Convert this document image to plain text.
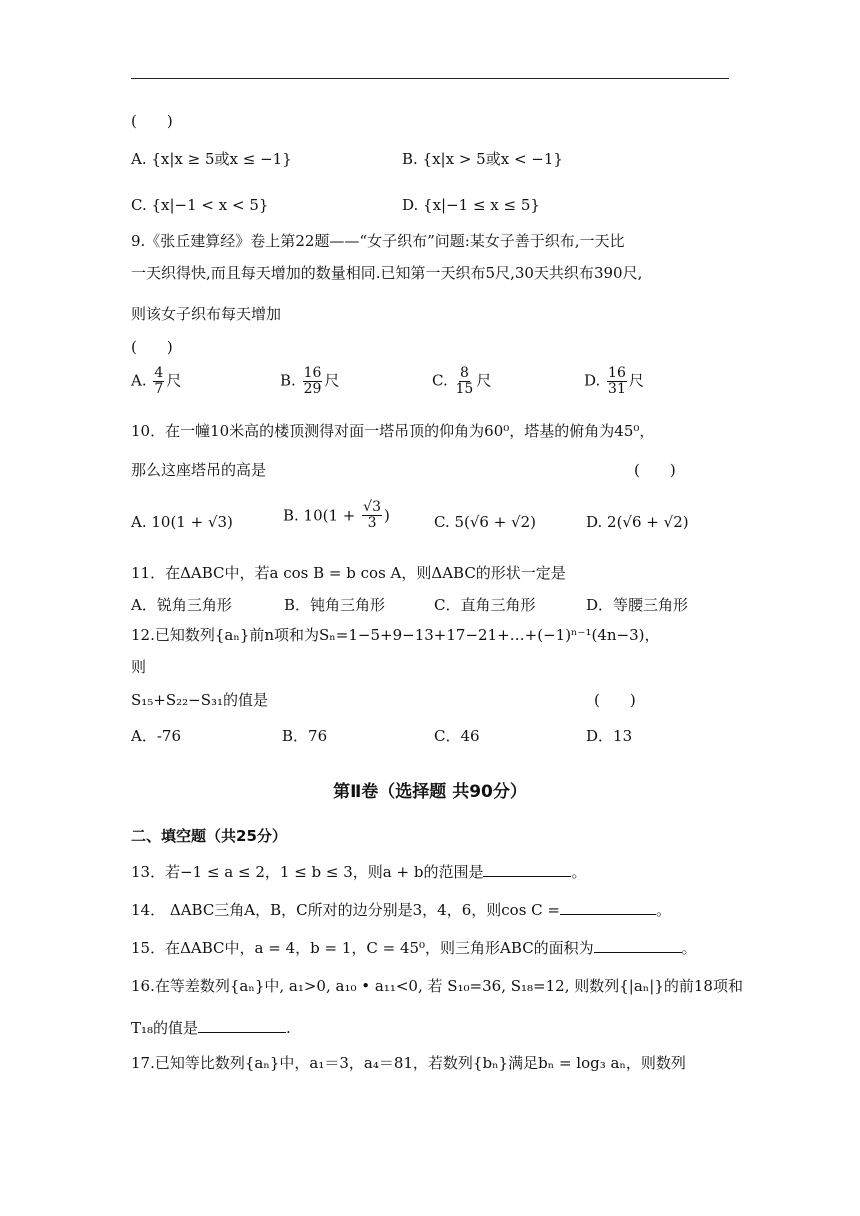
(　　)
A. {x|x ≥ 5或x ≤ −1}	B. {x|x > 5或x < −1}
C. {x|−1 < x < 5}	D. {x|−1 ≤ x ≤ 5}
9.《张丘建算经》卷上第22题——“女子织布”问题:某女子善于织布,一天比
一天织得快,而且每天增加的数量相同.已知第一天织布5尺,30天共织布390尺,
则该女子织布每天增加
(　　)
A. $\frac{4}{7}$ 尺	B. $\frac{16}{29}$ 尺	C. $\frac{8}{15}$ 尺	D. $\frac{16}{31}$ 尺
10．在一幢10米高的楼顶测得对面一塔吊顶的仰角为60⁰，塔基的俯角为45⁰，
那么这座塔吊的高是	(　　)
A. 10(1 + √3)	B. $10(1 + \frac{√3}{3}$ )	C. 5(√6 + √2)	D. 2(√6 + √2)
11．在ΔABC中，若a cos B = b cos A，则ΔABC的形状一定是
A．锐角三角形	B．钝角三角形	C．直角三角形	D．等腰三角形
12.已知数列{aₙ}前n项和为Sₙ=1−5+9−13+17−21+…+(−1)ⁿ⁻¹(4n−3)，
则
S₁₅+S₂₂−S₃₁的值是	(　　)
A．-76	B．76	C．46	D．13
第Ⅱ卷（选择题 共90分）
二、填空题（共25分）
13．若−1 ≤ a ≤ 2，1 ≤ b ≤ 3，则a + b的范围是	。
14． ΔABC三角A，B，C所对的边分别是3，4，6，则cos C =	。
15．在ΔABC中，a = 4，b = 1，C = 45⁰，则三角形ABC的面积为	。
16.在等差数列{aₙ}中, a₁>0, a₁₀ • a₁₁<0, 若 S₁₀=36, S₁₈=12, 则数列{|aₙ|}的前18项和
T₁₈的值是	.
17.已知等比数列{aₙ}中，a₁＝3，a₄＝81，若数列{bₙ}满足bₙ = log₃ aₙ，则数列
